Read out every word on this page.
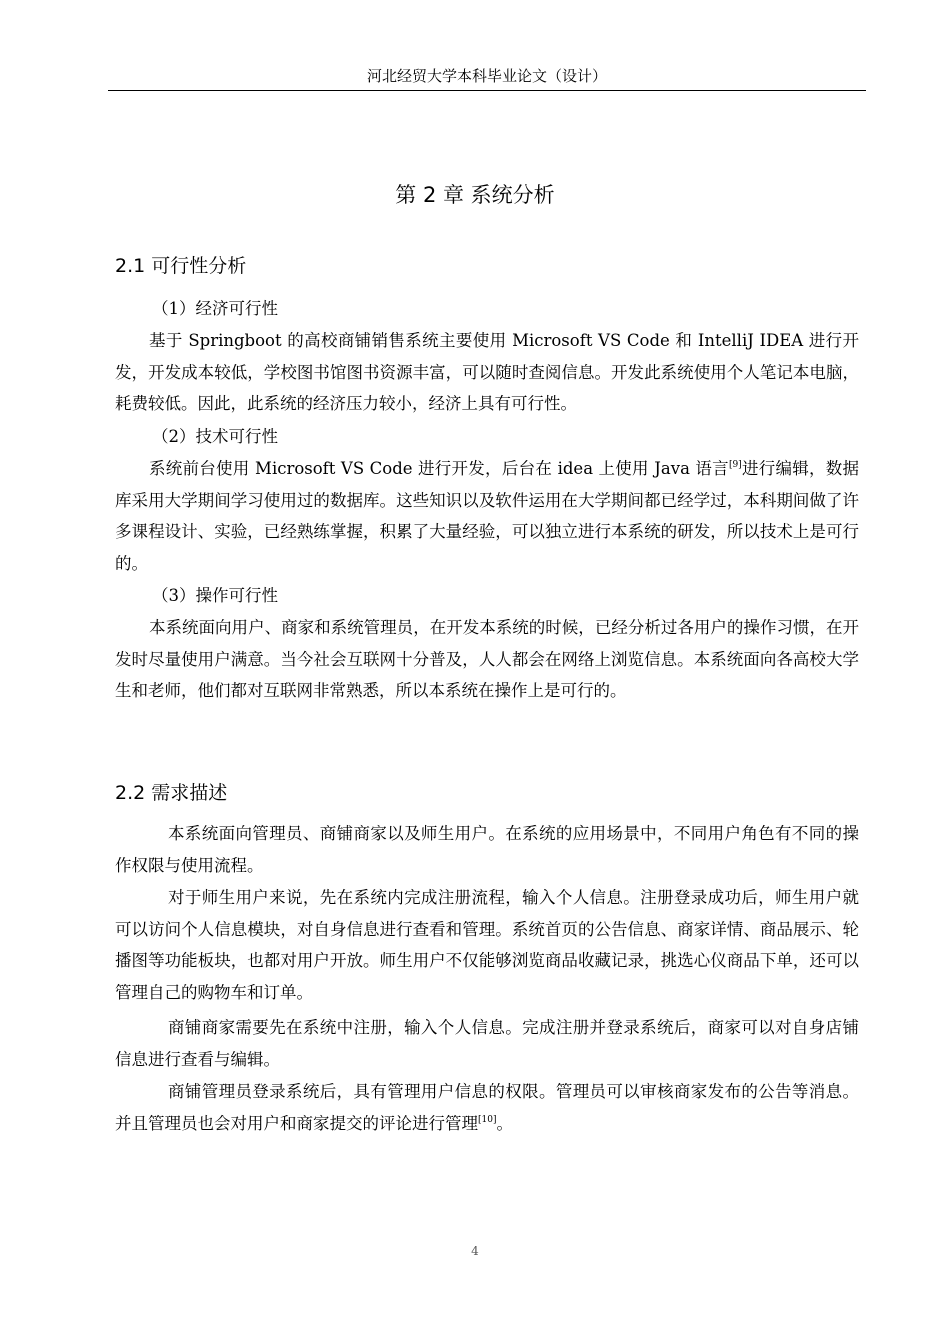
河北经贸大学本科毕业论文（设计）
第 2 章 系统分析
2.1 可行性分析
（1）经济可行性

基于 Springboot 的高校商铺销售系统主要使用 Microsoft VS Code 和 IntelliJ IDEA 进行开发，开发成本较低，学校图书馆图书资源丰富，可以随时查阅信息。开发此系统使用个人笔记本电脑，耗费较低。因此，此系统的经济压力较小，经济上具有可行性。

（2）技术可行性

系统前台使用 Microsoft VS Code 进行开发，后台在 idea 上使用 Java 语言[9]进行编辑，数据库采用大学期间学习使用过的数据库。这些知识以及软件运用在大学期间都已经学过，本科期间做了许多课程设计、实验，已经熟练掌握，积累了大量经验，可以独立进行本系统的研发，所以技术上是可行的。

（3）操作可行性

本系统面向用户、商家和系统管理员，在开发本系统的时候，已经分析过各用户的操作习惯，在开发时尽量使用户满意。当今社会互联网十分普及，人人都会在网络上浏览信息。本系统面向各高校大学生和老师，他们都对互联网非常熟悉，所以本系统在操作上是可行的。

2.2 需求描述

本系统面向管理员、商铺商家以及师生用户。在系统的应用场景中，不同用户角色有不同的操作权限与使用流程。

对于师生用户来说，先在系统内完成注册流程，输入个人信息。注册登录成功后，师生用户就可以访问个人信息模块，对自身信息进行查看和管理。系统首页的公告信息、商家详情、商品展示、轮播图等功能板块，也都对用户开放。师生用户不仅能够浏览商品收藏记录，挑选心仪商品下单，还可以管理自己的购物车和订单。

商铺商家需要先在系统中注册，输入个人信息。完成注册并登录系统后，商家可以对自身店铺信息进行查看与编辑。

商铺管理员登录系统后，具有管理用户信息的权限。管理员可以审核商家发布的公告等消息。并且管理员也会对用户和商家提交的评论进行管理[10]。

4
